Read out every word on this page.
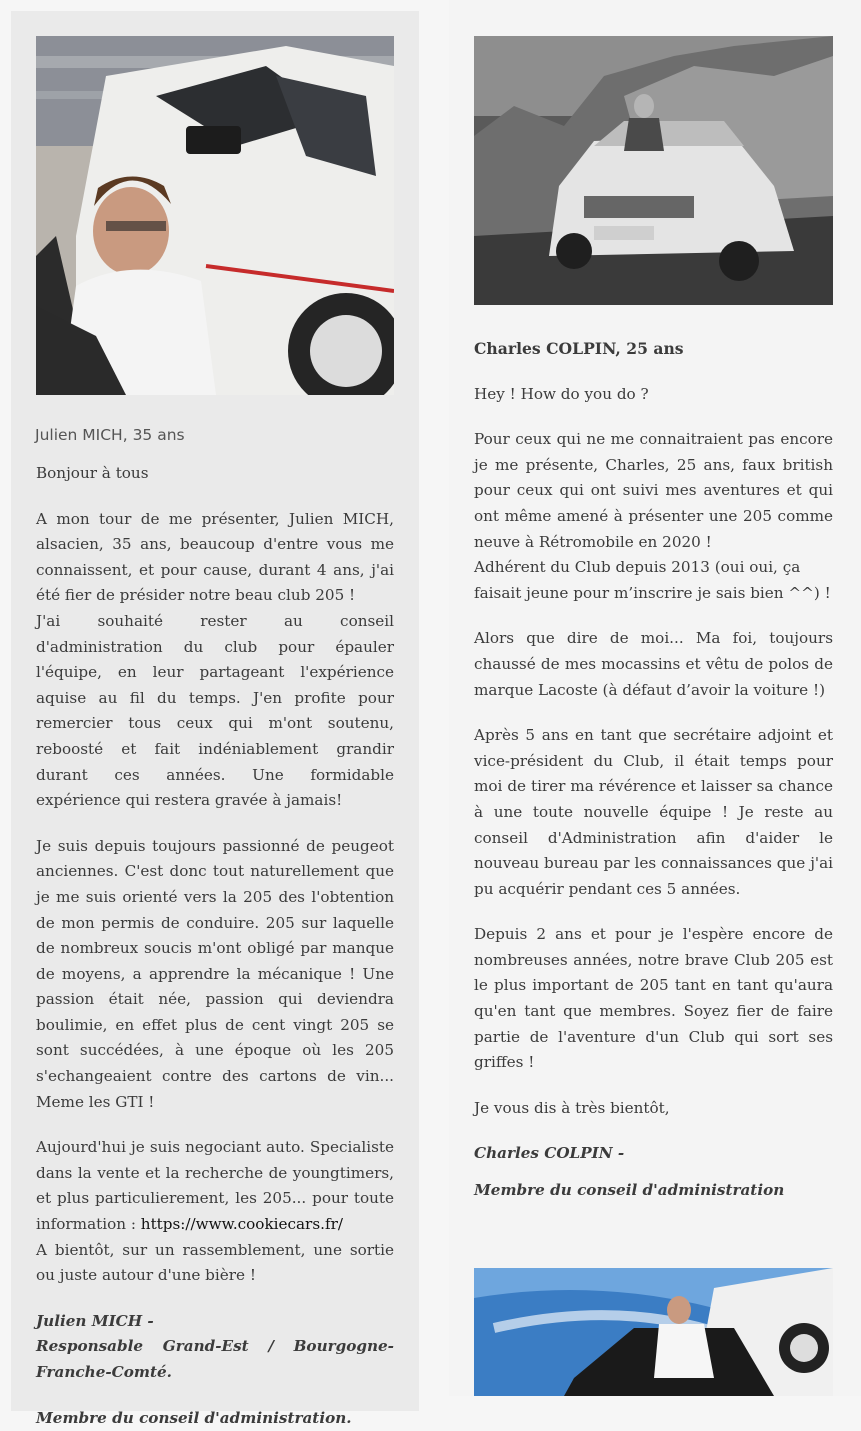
Julien MICH, 35 ans

Bonjour à tous

A mon tour de me présenter, Julien MICH, alsacien, 35 ans, beaucoup d'entre vous me connaissent, et pour cause, durant 4 ans, j'ai été fier de présider notre beau club 205 !

J'ai souhaité rester au conseil d'administration du club pour épauler l'équipe, en leur partageant l'expérience aquise au fil du temps. J'en profite pour remercier tous ceux qui m'ont soutenu, reboosté et fait indéniablement grandir durant ces années. Une formidable expérience qui restera gravée à jamais!

Je suis depuis toujours passionné de peugeot anciennes. C'est donc tout naturellement que je me suis orienté vers la 205 des l'obtention de mon permis de conduire. 205 sur laquelle de nombreux soucis m'ont obligé par manque de moyens, a apprendre la mécanique ! Une passion était née, passion qui deviendra boulimie, en effet plus de cent vingt 205 se sont succédées, à une époque où les 205 s'echangeaient contre des cartons de vin... Meme les GTI !

Aujourd'hui je suis negociant auto. Specialiste dans la vente et la recherche de youngtimers, et plus particulierement, les 205... pour toute information : https://www.cookiecars.fr/

A bientôt, sur un rassemblement, une sortie ou juste autour d'une bière !

Julien MICH -

Responsable Grand-Est / Bourgogne-Franche-Comté.

Membre du conseil d'administration.

Charles COLPIN, 25 ans

Hey ! How do you do ?

Pour ceux qui ne me connaitraient pas encore je me présente, Charles, 25 ans, faux british pour ceux qui ont suivi mes aventures et qui ont même amené à présenter une 205 comme neuve à Rétromobile en 2020 !

Adhérent du Club depuis 2013 (oui oui, ça faisait jeune pour m’inscrire je sais bien ^^) !

Alors que dire de moi... Ma foi, toujours chaussé de mes mocassins et vêtu de polos de marque Lacoste (à défaut d’avoir la voiture !)

Après 5 ans en tant que secrétaire adjoint et vice-président du Club, il était temps pour moi de tirer ma révérence et laisser sa chance à une toute nouvelle équipe ! Je reste au conseil d'Administration afin d'aider le nouveau bureau par les connaissances que j'ai pu acquérir pendant ces 5 années.

Depuis 2 ans et pour je l'espère encore de nombreuses années, notre brave Club 205 est le plus important de 205 tant en tant qu'aura qu'en tant que membres. Soyez fier de faire partie de l'aventure d'un Club qui sort ses griffes !

Je vous dis à très bientôt,

Charles COLPIN -

Membre du conseil d'administration
